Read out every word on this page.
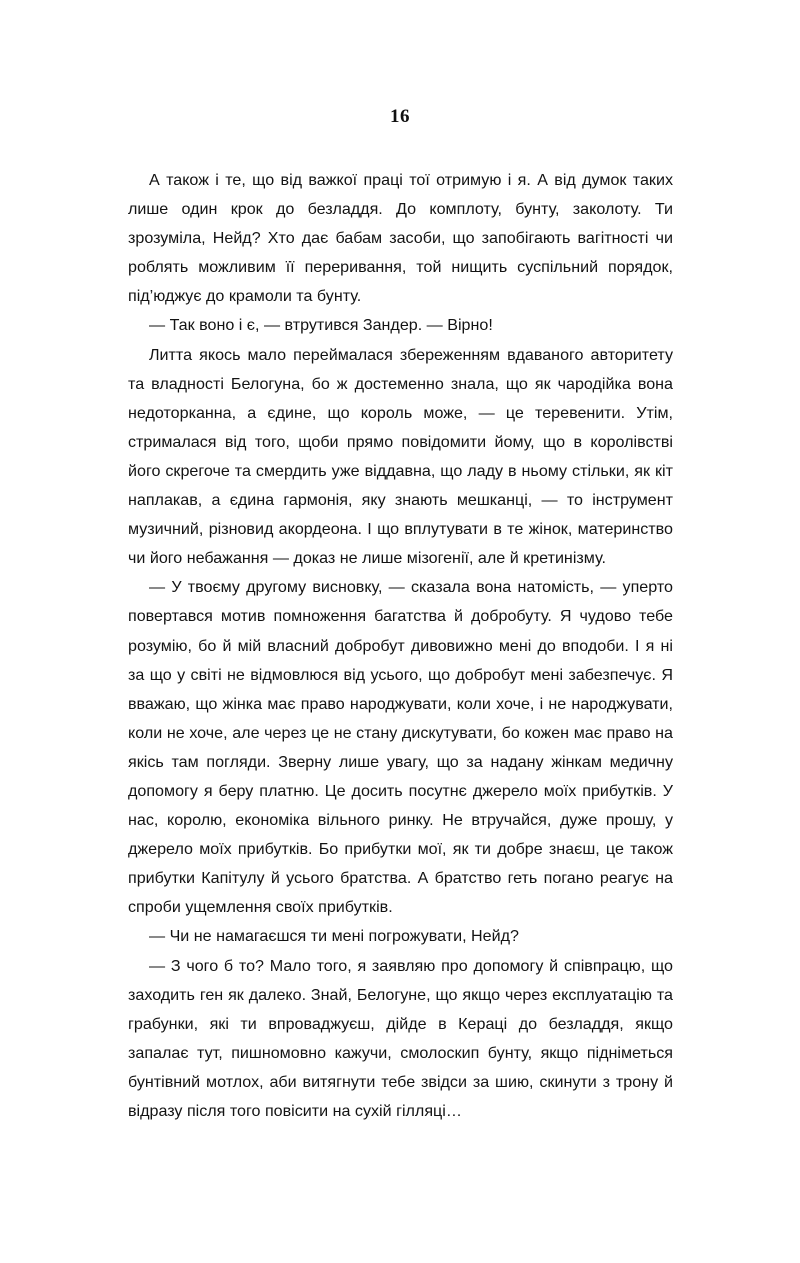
16

А також і те, що від важкої праці тої отримую і я. А від думок таких лише один крок до безладдя. До комплоту, бунту, заколоту. Ти зрозуміла, Нейд? Хто дає бабам засоби, що запобігають вагітності чи роблять можливим її переривання, той нищить суспільний порядок, під’юджує до крамоли та бунту.

— Так воно і є, — втрутився Зандер. — Вірно!

Литта якось мало переймалася збереженням вдаваного авторитету та владності Белогуна, бо ж достеменно знала, що як чародійка вона недоторканна, а єдине, що король може, — це теревенити. Утім, стрималася від того, щоби прямо повідомити йому, що в королівстві його скрегоче та смердить уже віддавна, що ладу в ньому стільки, як кіт наплакав, а єдина гармонія, яку знають мешканці, — то інструмент музичний, різновид акордеона. І що вплутувати в те жінок, материнство чи його небажання — доказ не лише мізогенії, але й кретинізму.

— У твоєму другому висновку, — сказала вона натомість, — уперто повертався мотив помноження багатства й добробуту. Я чудово тебе розумію, бо й мій власний добробут дивовижно мені до вподоби. І я ні за що у світі не відмовлюся від усього, що добробут мені забезпечує. Я вважаю, що жінка має право народжувати, коли хоче, і не народжувати, коли не хоче, але через це не стану дискутувати, бо кожен має право на якісь там погляди. Зверну лише увагу, що за надану жінкам медичну допомогу я беру платню. Це досить посутнє джерело моїх прибутків. У нас, королю, економіка вільного ринку. Не втручайся, дуже прошу, у джерело моїх прибутків. Бо прибутки мої, як ти добре знаєш, це також прибутки Капітулу й усього братства. А братство геть погано реагує на спроби ущемлення своїх прибутків.

— Чи не намагаєшся ти мені погрожувати, Нейд?

— З чого б то? Мало того, я заявляю про допомогу й співпрацю, що заходить ген як далеко. Знай, Белогуне, що якщо через експлуатацію та грабунки, які ти впроваджуєш, дійде в Кераці до безладдя, якщо запалає тут, пишномовно кажучи, смолоскип бунту, якщо підніметься бунтівний мотлох, аби витягнути тебе звідси за шию, скинути з трону й відразу після того повісити на сухій гілляці…
